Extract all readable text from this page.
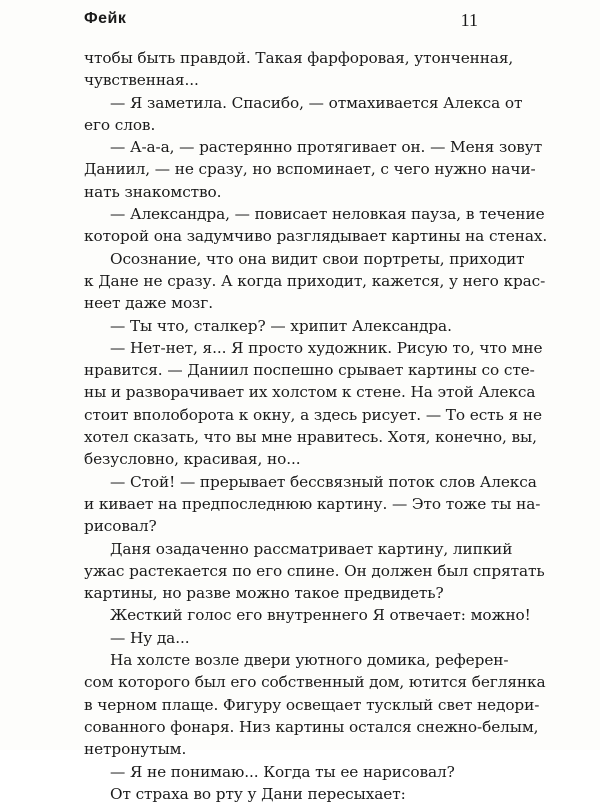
Фейк	11
чтобы быть правдой. Такая фарфоровая, утонченная,
чувственная...
— Я заметила. Спасибо, — отмахивается Алекса от
его слов.
— А-а-а, — растерянно протягивает он. — Меня зовут
Даниил, — не сразу, но вспоминает, с чего нужно начи-
нать знакомство.
— Александра, — повисает неловкая пауза, в течение
которой она задумчиво разглядывает картины на стенах.
Осознание, что она видит свои портреты, приходит
к Дане не сразу. А когда приходит, кажется, у него крас-
неет даже мозг.
— Ты что, сталкер? — хрипит Александра.
— Нет-нет, я... Я просто художник. Рисую то, что мне
нравится. — Даниил поспешно срывает картины со сте-
ны и разворачивает их холстом к стене. На этой Алекса
стоит вполоборота к окну, а здесь рисует. — То есть я не
хотел сказать, что вы мне нравитесь. Хотя, конечно, вы,
безусловно, красивая, но...
— Стой! — прерывает бессвязный поток слов Алекса
и кивает на предпоследнюю картину. — Это тоже ты на-
рисовал?
Даня озадаченно рассматривает картину, липкий
ужас растекается по его спине. Он должен был спрятать
картины, но разве можно такое предвидеть?
Жесткий голос его внутреннего Я отвечает: можно!
— Ну да...
На холсте возле двери уютного домика, референ-
сом которого был его собственный дом, ютится беглянка
в черном плаще. Фигуру освещает тусклый свет недори-
сованного фонаря. Низ картины остался снежно-белым,
нетронутым.
— Я не понимаю... Когда ты ее нарисовал?
От страха во рту у Дани пересыхает:
